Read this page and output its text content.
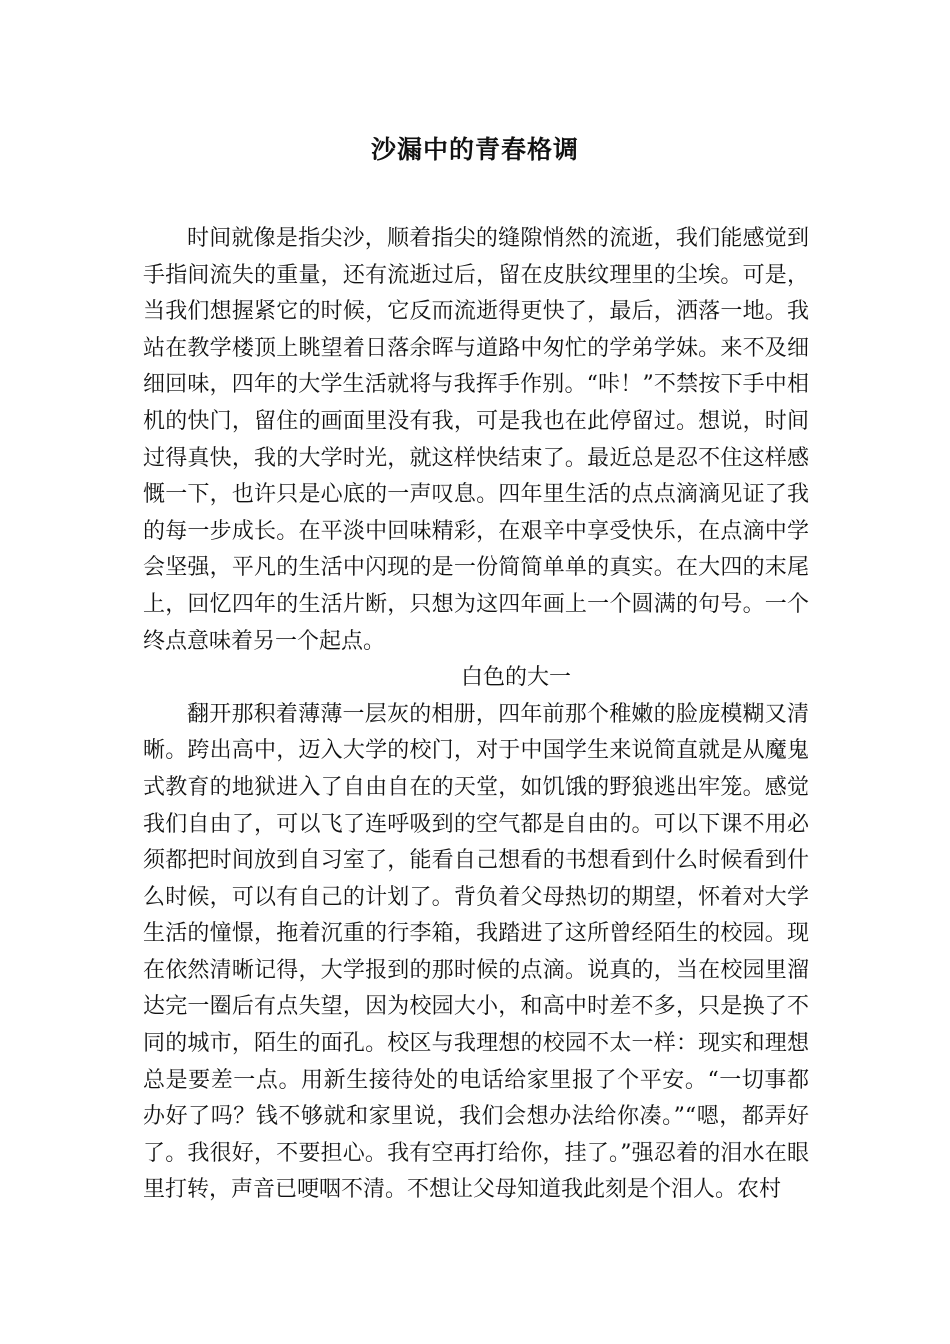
沙漏中的青春格调

时间就像是指尖沙，顺着指尖的缝隙悄然的流逝，我们能感觉到手指间流失的重量，还有流逝过后，留在皮肤纹理里的尘埃。可是，当我们想握紧它的时候，它反而流逝得更快了，最后，洒落一地。我站在教学楼顶上眺望着日落余晖与道路中匆忙的学弟学妹。来不及细细回味，四年的大学生活就将与我挥手作别。“咔！”不禁按下手中相机的快门，留住的画面里没有我，可是我也在此停留过。想说，时间过得真快，我的大学时光，就这样快结束了。最近总是忍不住这样感慨一下，也许只是心底的一声叹息。四年里生活的点点滴滴见证了我的每一步成长。在平淡中回味精彩，在艰辛中享受快乐，在点滴中学会坚强，平凡的生活中闪现的是一份简简单单的真实。在大四的末尾上，回忆四年的生活片断，只想为这四年画上一个圆满的句号。一个终点意味着另一个起点。

白色的大一

翻开那积着薄薄一层灰的相册，四年前那个稚嫩的脸庞模糊又清晰。跨出高中，迈入大学的校门，对于中国学生来说简直就是从魔鬼式教育的地狱进入了自由自在的天堂，如饥饿的野狼逃出牢笼。感觉我们自由了，可以飞了连呼吸到的空气都是自由的。可以下课不用必须都把时间放到自习室了，能看自己想看的书想看到什么时候看到什么时候，可以有自己的计划了。背负着父母热切的期望，怀着对大学生活的憧憬，拖着沉重的行李箱，我踏进了这所曾经陌生的校园。现在依然清晰记得，大学报到的那时候的点滴。说真的，当在校园里溜达完一圈后有点失望，因为校园大小，和高中时差不多，只是换了不同的城市，陌生的面孔。校区与我理想的校园不太一样：现实和理想总是要差一点。用新生接待处的电话给家里报了个平安。“一切事都办好了吗？钱不够就和家里说，我们会想办法给你凑。”“嗯，都弄好了。我很好，不要担心。我有空再打给你，挂了。”强忍着的泪水在眼里打转，声音已哽咽不清。不想让父母知道我此刻是个泪人。农村
